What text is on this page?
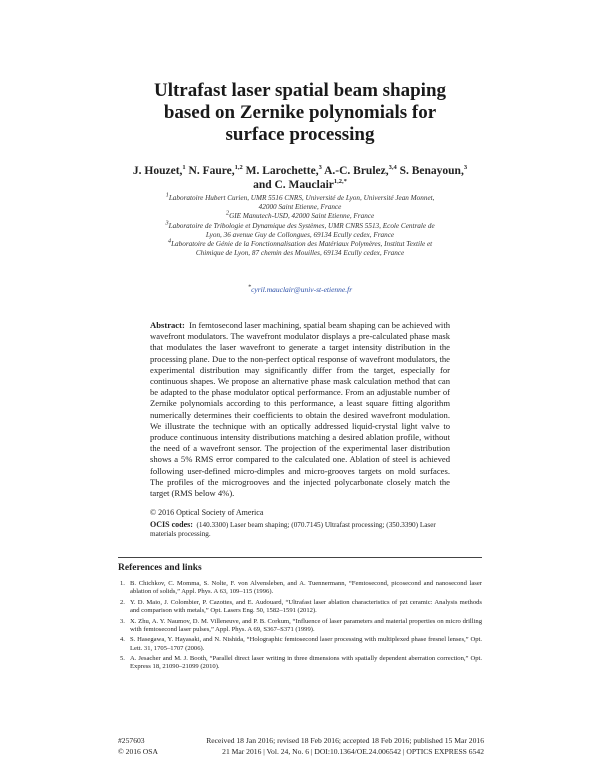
Ultrafast laser spatial beam shaping
based on Zernike polynomials for
surface processing
J. Houzet,$^1$ N. Faure,$^{1,2}$ M. Larochette,$^3$ A.-C. Brulez,$^{3,4}$ S. Benayoun,$^3$
and C. Mauclair$^{1,2,*}$
$^1$Laboratoire Hubert Curien, UMR 5516 CNRS, Université de Lyon, Université Jean Monnet,
42000 Saint Etienne, France
$^2$GIE Manutech-USD, 42000 Saint Etienne, France
$^3$Laboratoire de Tribologie et Dynamique des Systèmes, UMR CNRS 5513, Ecole Centrale de
Lyon, 36 avenue Guy de Collongues, 69134 Ecully cedex, France
$^4$Laboratoire de Génie de la Fonctionnalisation des Matériaux Polymères, Institut Textile et
Chimique de Lyon, 87 chemin des Mouilles, 69134 Ecully cedex, France
*cyril.mauclair@univ-st-etienne.fr
Abstract: In femtosecond laser machining, spatial beam shaping can be achieved with wavefront modulators. The wavefront modulator displays a pre-calculated phase mask that modulates the laser wavefront to generate a target intensity distribution in the processing plane. Due to the non-perfect optical response of wavefront modulators, the experimental distribution may significantly differ from the target, especially for continuous shapes. We propose an alternative phase mask calculation method that can be adapted to the phase modulator optical performance. From an adjustable number of Zernike polynomials according to this performance, a least square fitting algorithm numerically determines their coefficients to obtain the desired wavefront modulation. We illustrate the technique with an optically addressed liquid-crystal light valve to produce continuous intensity distributions matching a desired ablation profile, without the need of a wavefront sensor. The projection of the experimental laser distribution shows a 5% RMS error compared to the calculated one. Ablation of steel is achieved following user-defined micro-dimples and micro-grooves targets on mold surfaces. The profiles of the microgrooves and the injected polycarbonate closely match the target (RMS below 4%).
© 2016 Optical Society of America
OCIS codes: (140.3300) Laser beam shaping; (070.7145) Ultrafast processing; (350.3390) Laser materials processing.
References and links
1. B. Chichkov, C. Momma, S. Nolte, F. von Alvensleben, and A. Tuennermann, “Femtosecond, picosecond and nanosecond laser ablation of solids,” Appl. Phys. A 63, 109–115 (1996).
2. Y. D. Maio, J. Colombier, P. Cazottes, and E. Audouard, “Ultrafast laser ablation characteristics of pzt ceramic: Analysis methods and comparison with metals,” Opt. Lasers Eng. 50, 1582–1591 (2012).
3. X. Zhu, A. Y. Naumov, D. M. Villeneuve, and P. B. Corkum, “Influence of laser parameters and material properties on micro drilling with femtosecond laser pulses,” Appl. Phys. A 69, S367–S371 (1999).
4. S. Hasegawa, Y. Hayasaki, and N. Nishida, “Holographic femtosecond laser processing with multiplexed phase fresnel lenses,” Opt. Lett. 31, 1705–1707 (2006).
5. A. Jesacher and M. J. Booth, “Parallel direct laser writing in three dimensions with spatially dependent aberration correction,” Opt. Express 18, 21090–21099 (2010).
#257603	Received 18 Jan 2016; revised 18 Feb 2016; accepted 18 Feb 2016; published 15 Mar 2016
© 2016 OSA	21 Mar 2016 | Vol. 24, No. 6 | DOI:10.1364/OE.24.006542 | OPTICS EXPRESS 6542
